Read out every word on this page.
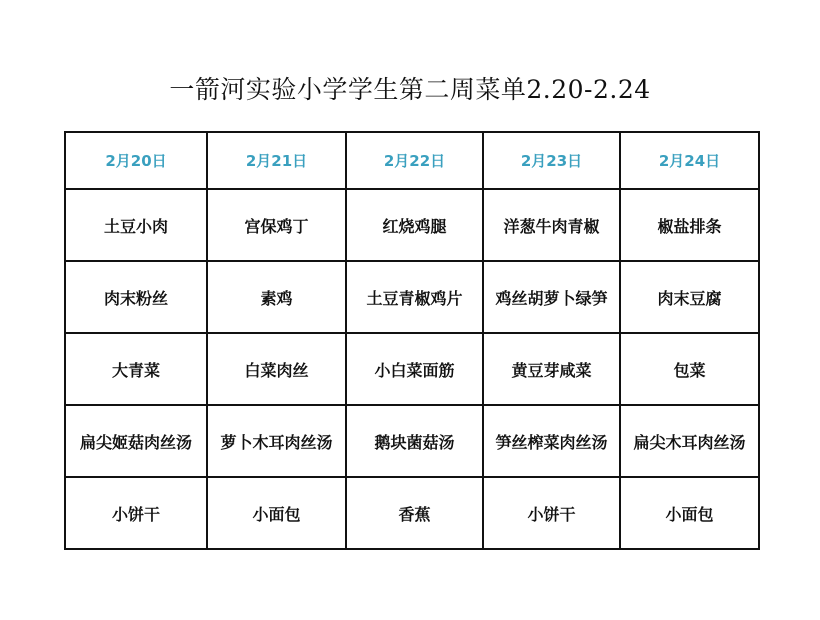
一箭河实验小学学生第二周菜单2.20-2.24
2月20日	2月21日	2月22日	2月23日	2月24日
土豆小肉	宫保鸡丁	红烧鸡腿	洋葱牛肉青椒	椒盐排条
肉末粉丝	素鸡	土豆青椒鸡片	鸡丝胡萝卜绿笋	肉末豆腐
大青菜	白菜肉丝	小白菜面筋	黄豆芽咸菜	包菜
扁尖姬菇肉丝汤	萝卜木耳肉丝汤	鹅块菌菇汤	笋丝榨菜肉丝汤	扁尖木耳肉丝汤
小饼干	小面包	香蕉	小饼干	小面包
